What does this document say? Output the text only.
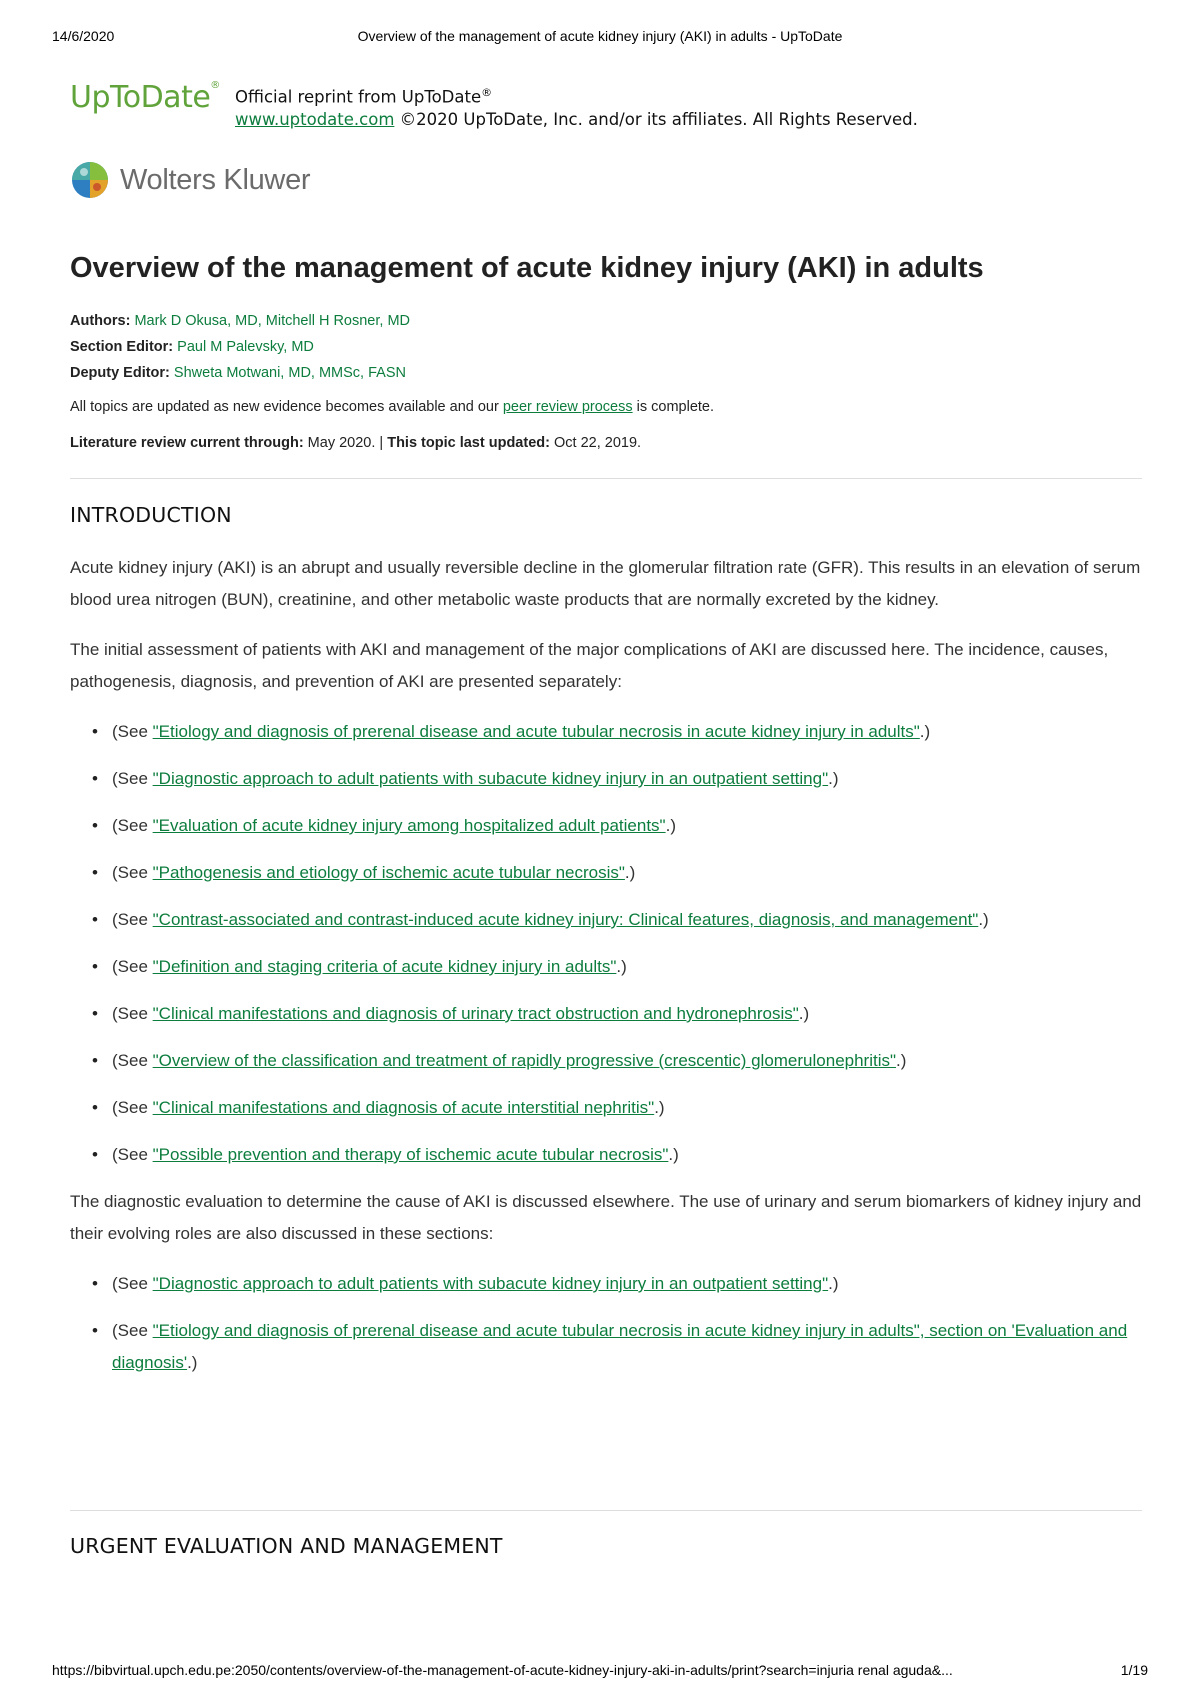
14/6/2020	Overview of the management of acute kidney injury (AKI) in adults - UpToDate
UpToDate®
Official reprint from UpToDate®
www.uptodate.com ©2020 UpToDate, Inc. and/or its affiliates. All Rights Reserved.
Wolters Kluwer
Overview of the management of acute kidney injury (AKI) in adults
Authors: Mark D Okusa, MD, Mitchell H Rosner, MD
Section Editor: Paul M Palevsky, MD
Deputy Editor: Shweta Motwani, MD, MMSc, FASN
All topics are updated as new evidence becomes available and our peer review process is complete.
Literature review current through: May 2020. | This topic last updated: Oct 22, 2019.
INTRODUCTION

Acute kidney injury (AKI) is an abrupt and usually reversible decline in the glomerular filtration rate (GFR). This results in an elevation of serum blood urea nitrogen (BUN), creatinine, and other metabolic waste products that are normally excreted by the kidney.

The initial assessment of patients with AKI and management of the major complications of AKI are discussed here. The incidence, causes, pathogenesis, diagnosis, and prevention of AKI are presented separately:

• (See "Etiology and diagnosis of prerenal disease and acute tubular necrosis in acute kidney injury in adults".)
• (See "Diagnostic approach to adult patients with subacute kidney injury in an outpatient setting".)
• (See "Evaluation of acute kidney injury among hospitalized adult patients".)
• (See "Pathogenesis and etiology of ischemic acute tubular necrosis".)
• (See "Contrast-associated and contrast-induced acute kidney injury: Clinical features, diagnosis, and management".)
• (See "Definition and staging criteria of acute kidney injury in adults".)
• (See "Clinical manifestations and diagnosis of urinary tract obstruction and hydronephrosis".)
• (See "Overview of the classification and treatment of rapidly progressive (crescentic) glomerulonephritis".)
• (See "Clinical manifestations and diagnosis of acute interstitial nephritis".)
• (See "Possible prevention and therapy of ischemic acute tubular necrosis".)

The diagnostic evaluation to determine the cause of AKI is discussed elsewhere. The use of urinary and serum biomarkers of kidney injury and their evolving roles are also discussed in these sections:

• (See "Diagnostic approach to adult patients with subacute kidney injury in an outpatient setting".)
• (See "Etiology and diagnosis of prerenal disease and acute tubular necrosis in acute kidney injury in adults", section on 'Evaluation and diagnosis'.)
URGENT EVALUATION AND MANAGEMENT
https://bibvirtual.upch.edu.pe:2050/contents/overview-of-the-management-of-acute-kidney-injury-aki-in-adults/print?search=injuria renal aguda&...	1/19
